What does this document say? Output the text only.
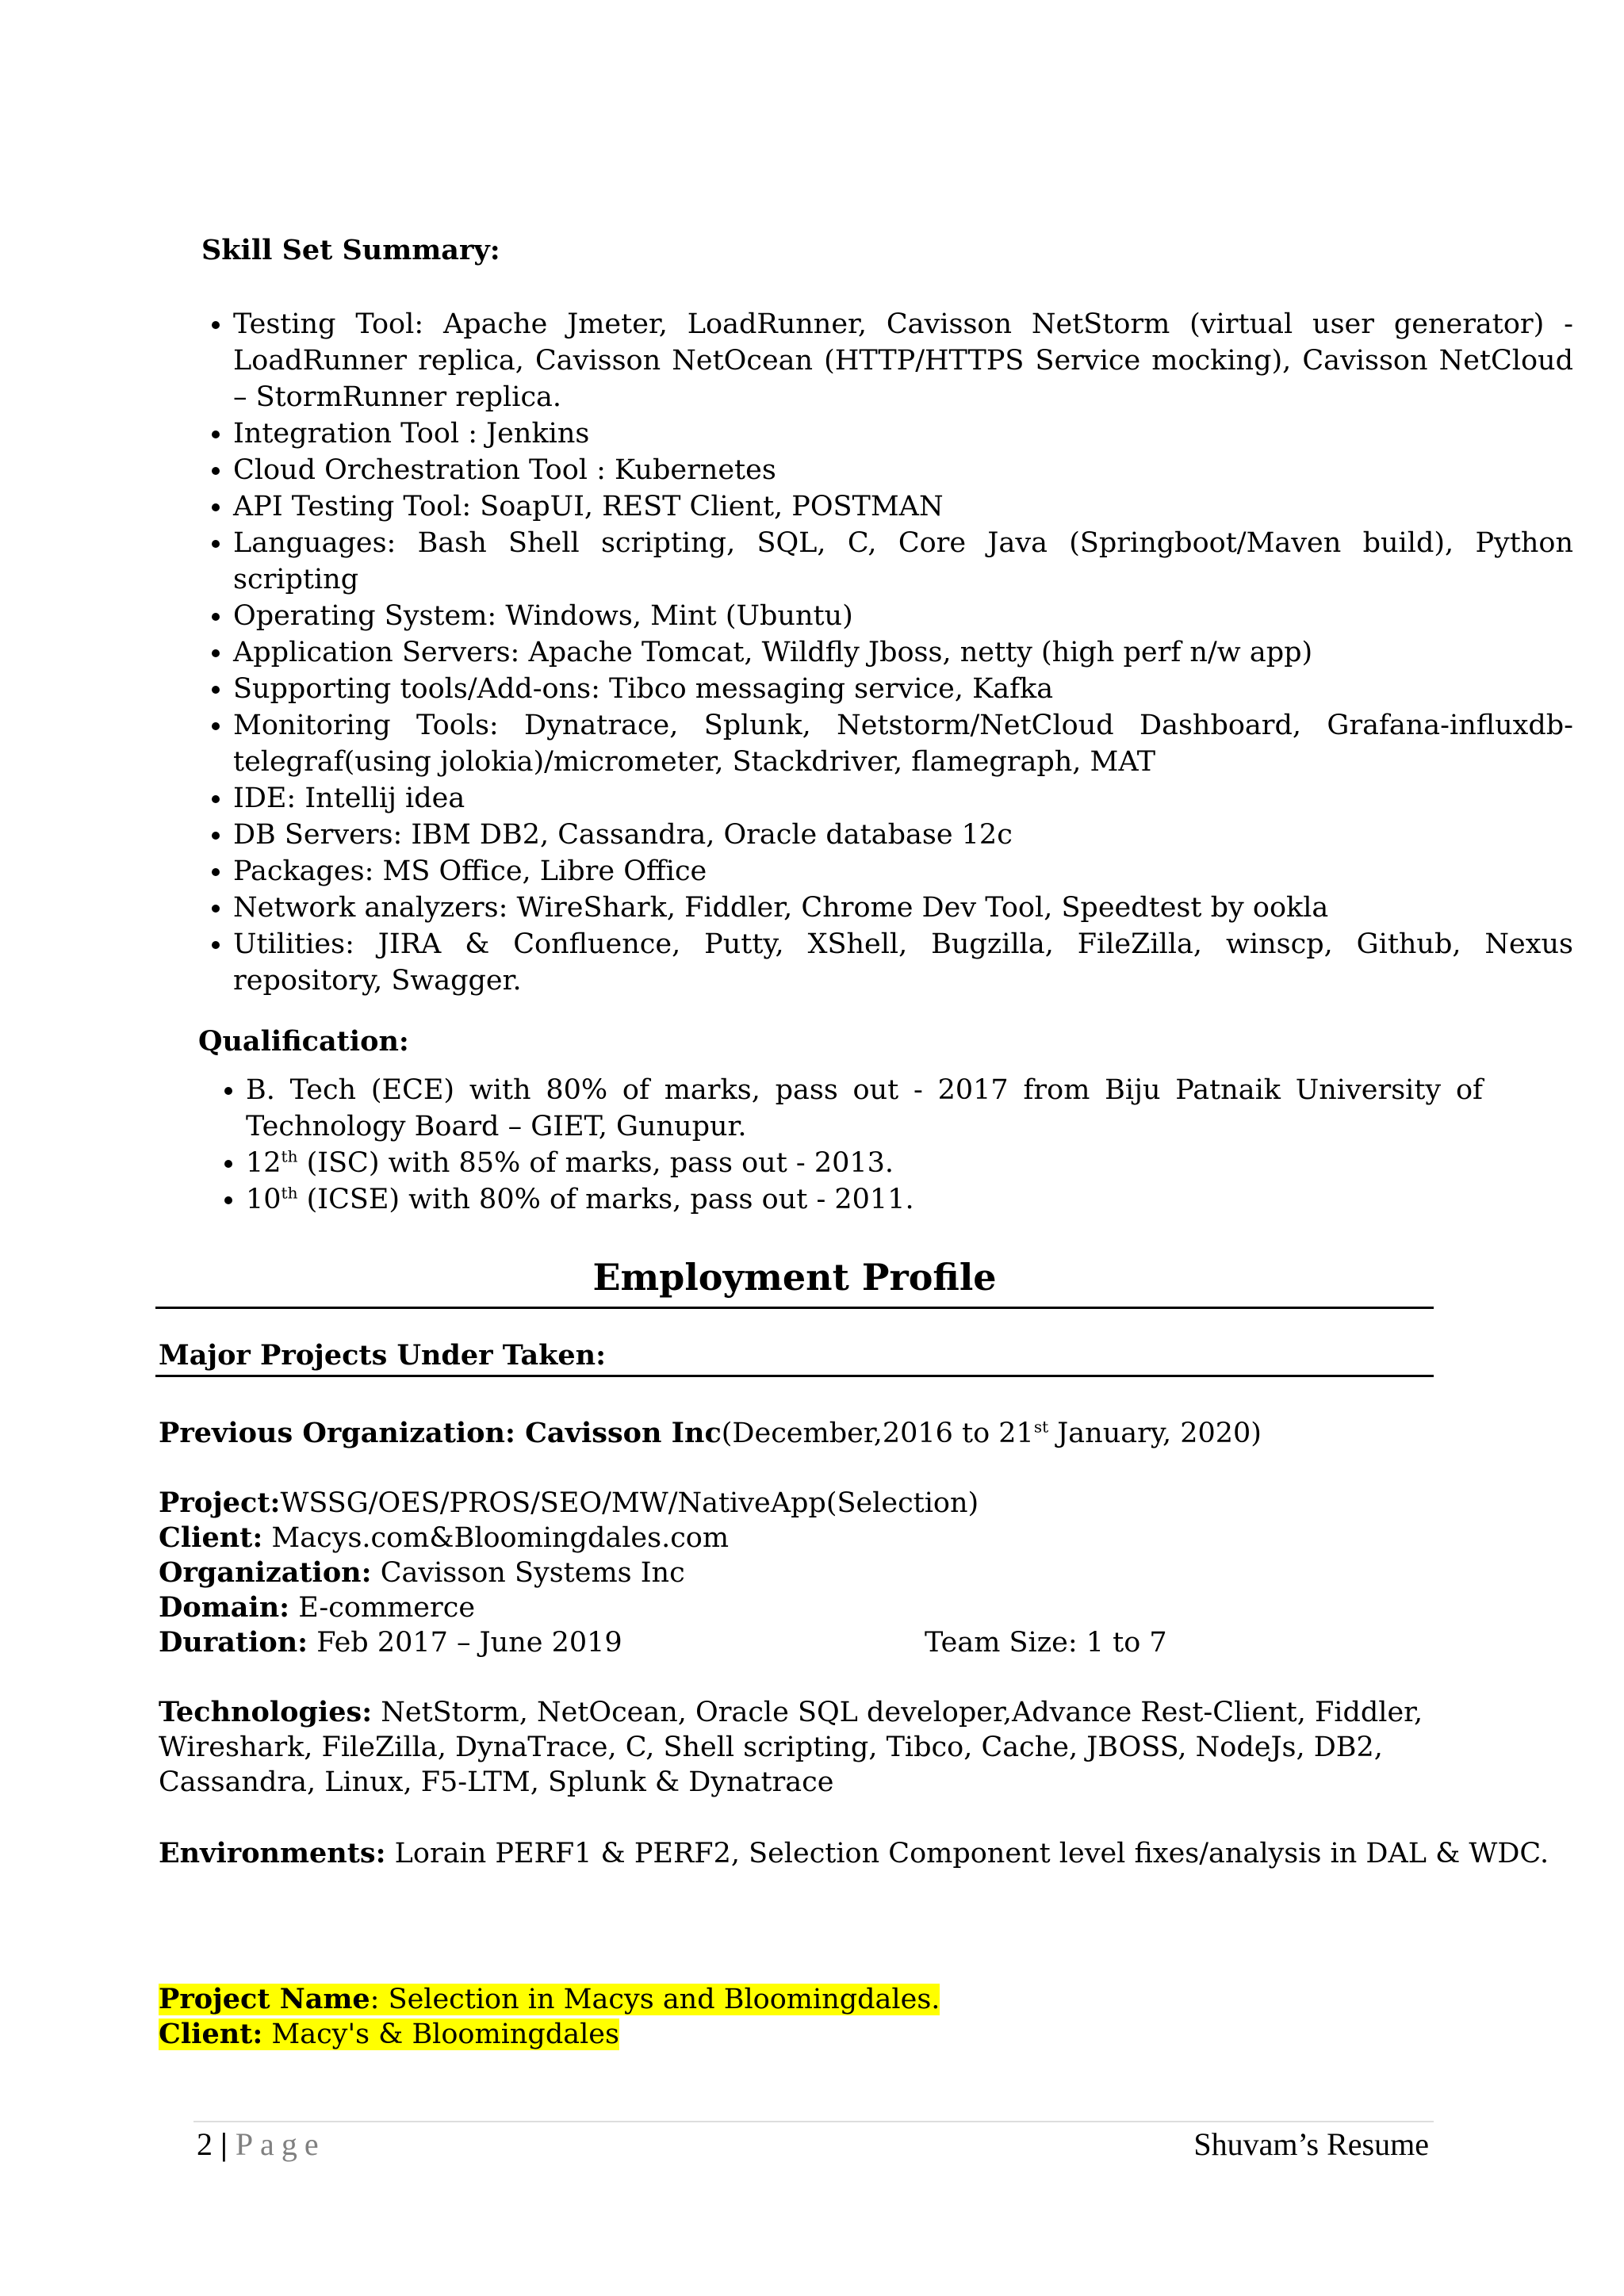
Skill Set Summary:
• Testing Tool: Apache Jmeter, LoadRunner, Cavisson NetStorm (virtual user generator) - LoadRunner replica, Cavisson NetOcean (HTTP/HTTPS Service mocking), Cavisson NetCloud – StormRunner replica.
• Integration Tool : Jenkins
• Cloud Orchestration Tool : Kubernetes
• API Testing Tool: SoapUI, REST Client, POSTMAN
• Languages: Bash Shell scripting, SQL, C, Core Java (Springboot/Maven build), Python scripting
• Operating System: Windows, Mint (Ubuntu)
• Application Servers: Apache Tomcat, Wildfly Jboss, netty (high perf n/w app)
• Supporting tools/Add-ons: Tibco messaging service, Kafka
• Monitoring Tools: Dynatrace, Splunk, Netstorm/NetCloud Dashboard, Grafana-influxdb-telegraf(using jolokia)/micrometer, Stackdriver, flamegraph, MAT
• IDE: Intellij idea
• DB Servers: IBM DB2, Cassandra, Oracle database 12c
• Packages: MS Office, Libre Office
• Network analyzers: WireShark, Fiddler, Chrome Dev Tool, Speedtest by ookla
• Utilities: JIRA & Confluence, Putty, XShell, Bugzilla, FileZilla, winscp, Github, Nexus repository, Swagger.
Qualification:
• B. Tech (ECE) with 80% of marks, pass out - 2017 from Biju Patnaik University of Technology Board – GIET, Gunupur.
• 12th (ISC) with 85% of marks, pass out - 2013.
• 10th (ICSE) with 80% of marks, pass out - 2011.
Employment Profile
Major Projects Under Taken:
Previous Organization: Cavisson Inc(December,2016 to 21st January, 2020)
Project:WSSG/OES/PROS/SEO/MW/NativeApp(Selection)
Client: Macys.com&Bloomingdales.com
Organization: Cavisson Systems Inc
Domain: E-commerce
Duration: Feb 2017 – June 2019	Team Size: 1 to 7
Technologies: NetStorm, NetOcean, Oracle SQL developer,Advance Rest-Client, Fiddler, Wireshark, FileZilla, DynaTrace, C, Shell scripting, Tibco, Cache, JBOSS, NodeJs, DB2, Cassandra, Linux, F5-LTM, Splunk & Dynatrace
Environments: Lorain PERF1 & PERF2, Selection Component level fixes/analysis in DAL & WDC.
Project Name: Selection in Macys and Bloomingdales.
Client: Macy's & Bloomingdales
2 | Page	Shuvam’s Resume
